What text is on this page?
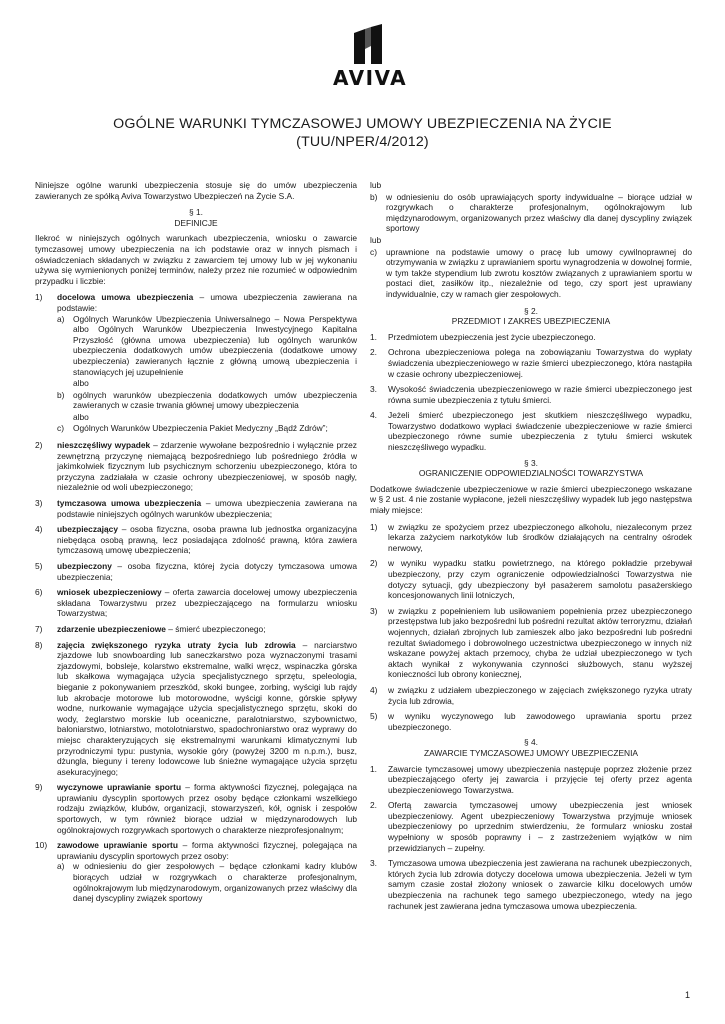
AVIVA
OGÓLNE WARUNKI TYMCZASOWEJ UMOWY UBEZPIECZENIA NA ŻYCIE
(TUU/NPER/4/2012)

Niniejsze ogólne warunki ubezpieczenia stosuje się do umów ubezpieczenia zawieranych ze spółką Aviva Towarzystwo Ubezpieczeń na Życie S.A.

§ 1.
DEFINICJE

Ilekroć w niniejszych ogólnych warunkach ubezpieczenia, wniosku o zawarcie tymczasowej umowy ubezpieczenia na ich podstawie oraz w innych pismach i oświadczeniach składanych w związku z zawarciem tej umowy lub w jej wykonaniu używa się wymienionych poniżej terminów, należy przez nie rozumieć w odpowiednim przypadku i liczbie:

1)	docelowa umowa ubezpieczenia – umowa ubezpieczenia zawierana na podstawie:
a)	Ogólnych Warunków Ubezpieczenia Uniwersalnego – Nowa Perspektywa albo Ogólnych Warunków Ubezpieczenia Inwestycyjnego Kapitalna Przyszłość (główna umowa ubezpieczenia) lub ogólnych warunków ubezpieczenia dodatkowych umów ubezpieczenia (dodatkowe umowy ubezpieczenia) zawieranych łącznie z główną umową ubezpieczenia i stanowiących jej uzupełnienie
albo
b)	ogólnych warunków ubezpieczenia dodatkowych umów ubezpieczenia zawieranych w czasie trwania głównej umowy ubezpieczenia
albo
c)	Ogólnych Warunków Ubezpieczenia Pakiet Medyczny „Bądź Zdrów”;
2)	nieszczęśliwy wypadek – zdarzenie wywołane bezpośrednio i wyłącznie przez zewnętrzną przyczynę niemającą bezpośredniego lub pośredniego źródła w jakimkolwiek fizycznym lub psychicznym schorzeniu ubezpieczonego, która to przyczyna zadziałała w czasie ochrony ubezpieczeniowej, w sposób nagły, niezależnie od woli ubezpieczonego;
3)	tymczasowa umowa ubezpieczenia – umowa ubezpieczenia zawierana na podstawie niniejszych ogólnych warunków ubezpieczenia;
4)	ubezpieczający – osoba fizyczna, osoba prawna lub jednostka organizacyjna niebędąca osobą prawną, lecz posiadająca zdolność prawną, która zawiera tymczasową umowę ubezpieczenia;
5)	ubezpieczony – osoba fizyczna, której życia dotyczy tymczasowa umowa ubezpieczenia;
6)	wniosek ubezpieczeniowy – oferta zawarcia docelowej umowy ubezpieczenia składana Towarzystwu przez ubezpieczającego na formularzu wniosku Towarzystwa;
7)	zdarzenie ubezpieczeniowe – śmierć ubezpieczonego;
8)	zajęcia zwiększonego ryzyka utraty życia lub zdrowia – narciarstwo zjazdowe lub snowboarding lub saneczkarstwo poza wyznaczonymi trasami zjazdowymi, bobsleje, kolarstwo ekstremalne, walki wręcz, wspinaczka górska lub skałkowa wymagająca użycia specjalistycznego sprzętu, speleologia, bieganie z pokonywaniem przeszkód, skoki bungee, zorbing, wyścigi lub rajdy lub akrobacje motorowe lub motorowodne, wyścigi konne, górskie spływy wodne, nurkowanie wymagające użycia specjalistycznego sprzętu, skoki do wody, żeglarstwo morskie lub oceaniczne, paralotniarstwo, szybownictwo, baloniarstwo, lotniarstwo, motolotniarstwo, spadochroniarstwo oraz wyprawy do miejsc charakteryzujących się ekstremalnymi warunkami klimatycznymi lub przyrodniczymi typu: pustynia, wysokie góry (powyżej 3200 m n.p.m.), busz, dżungla, bieguny i tereny lodowcowe lub śnieżne wymagające użycia sprzętu asekuracyjnego;
9)	wyczynowe uprawianie sportu – forma aktywności fizycznej, polegająca na uprawianiu dyscyplin sportowych przez osoby będące członkami wszelkiego rodzaju związków, klubów, organizacji, stowarzyszeń, kół, ognisk i zespołów sportowych, w tym również biorące udział w międzynarodowych lub ogólnokrajowych rozgrywkach sportowych o charakterze niezprofesjonalnym;
10)	zawodowe uprawianie sportu – forma aktywności fizycznej, polegająca na uprawianiu dyscyplin sportowych przez osoby:
a)	w odniesieniu do gier zespołowych – będące członkami kadry klubów biorących udział w rozgrywkach o charakterze profesjonalnym, ogólnokrajowym lub międzynarodowym, organizowanych przez właściwy dla danej dyscypliny związek sportowy
lub
b)	w odniesieniu do osób uprawiających sporty indywidualne – biorące udział w rozgrywkach o charakterze profesjonalnym, ogólnokrajowym lub międzynarodowym, organizowanych przez właściwy dla danej dyscypliny związek sportowy
lub
c)	uprawnione na podstawie umowy o pracę lub umowy cywilnoprawnej do otrzymywania w związku z uprawianiem sportu wynagrodzenia w dowolnej formie, w tym także stypendium lub zwrotu kosztów związanych z uprawianiem sportu w postaci diet, zasiłków itp., niezależnie od tego, czy sport jest uprawiany indywidualnie, czy w ramach gier zespołowych.
§ 2.
PRZEDMIOT I ZAKRES UBEZPIECZENIA
1.	Przedmiotem ubezpieczenia jest życie ubezpieczonego.
2.	Ochrona ubezpieczeniowa polega na zobowiązaniu Towarzystwa do wypłaty świadczenia ubezpieczeniowego w razie śmierci ubezpieczonego, która nastąpiła w czasie ochrony ubezpieczeniowej.
3.	Wysokość świadczenia ubezpieczeniowego w razie śmierci ubezpieczonego jest równa sumie ubezpieczenia z tytułu śmierci.
4.	Jeżeli śmierć ubezpieczonego jest skutkiem nieszczęśliwego wypadku, Towarzystwo dodatkowo wypłaci świadczenie ubezpieczeniowe w razie śmierci ubezpieczonego równe sumie ubezpieczenia z tytułu śmierci wskutek nieszczęśliwego wypadku.
§ 3.
OGRANICZENIE ODPOWIEDZIALNOŚCI TOWARZYSTWA

Dodatkowe świadczenie ubezpieczeniowe w razie śmierci ubezpieczonego wskazane w § 2 ust. 4 nie zostanie wypłacone, jeżeli nieszczęśliwy wypadek lub jego następstwa miały miejsce:

1)	w związku ze spożyciem przez ubezpieczonego alkoholu, niezaleconym przez lekarza zażyciem narkotyków lub środków działających na centralny ośrodek nerwowy,
2)	w wyniku wypadku statku powietrznego, na którego pokładzie przebywał ubezpieczony, przy czym ograniczenie odpowiedzialności Towarzystwa nie dotyczy sytuacji, gdy ubezpieczony był pasażerem samolotu pasażerskiego koncesjonowanych linii lotniczych,
3)	w związku z popełnieniem lub usiłowaniem popełnienia przez ubezpieczonego przestępstwa lub jako bezpośredni lub pośredni rezultat aktów terroryzmu, działań wojennych, działań zbrojnych lub zamieszek albo jako bezpośredni lub pośredni rezultat świadomego i dobrowolnego uczestnictwa ubezpieczonego w innych niż wskazane powyżej aktach przemocy, chyba że udział ubezpieczonego w tych aktach wynikał z wykonywania czynności służbowych, stanu wyższej konieczności lub obrony koniecznej,
4)	w związku z udziałem ubezpieczonego w zajęciach zwiększonego ryzyka utraty życia lub zdrowia,
5)	w wyniku wyczynowego lub zawodowego uprawiania sportu przez ubezpieczonego.
§ 4.
ZAWARCIE TYMCZASOWEJ UMOWY UBEZPIECZENIA
1.	Zawarcie tymczasowej umowy ubezpieczenia następuje poprzez złożenie przez ubezpieczającego oferty jej zawarcia i przyjęcie tej oferty przez agenta ubezpieczeniowego Towarzystwa.
2.	Ofertą zawarcia tymczasowej umowy ubezpieczenia jest wniosek ubezpieczeniowy. Agent ubezpieczeniowy Towarzystwa przyjmuje wniosek ubezpieczeniowy po uprzednim stwierdzeniu, że formularz wniosku został wypełniony w sposób poprawny i – z zastrzeżeniem wyjątków w nim przewidzianych – zupełny.
3.	Tymczasowa umowa ubezpieczenia jest zawierana na rachunek ubezpieczonych, których życia lub zdrowia dotyczy docelowa umowa ubezpieczenia. Jeżeli w tym samym czasie został złożony wniosek o zawarcie kilku docelowych umów ubezpieczenia na rachunek tego samego ubezpieczonego, wtedy na jego rachunek jest zawierana jedna tymczasowa umowa ubezpieczenia.
1
